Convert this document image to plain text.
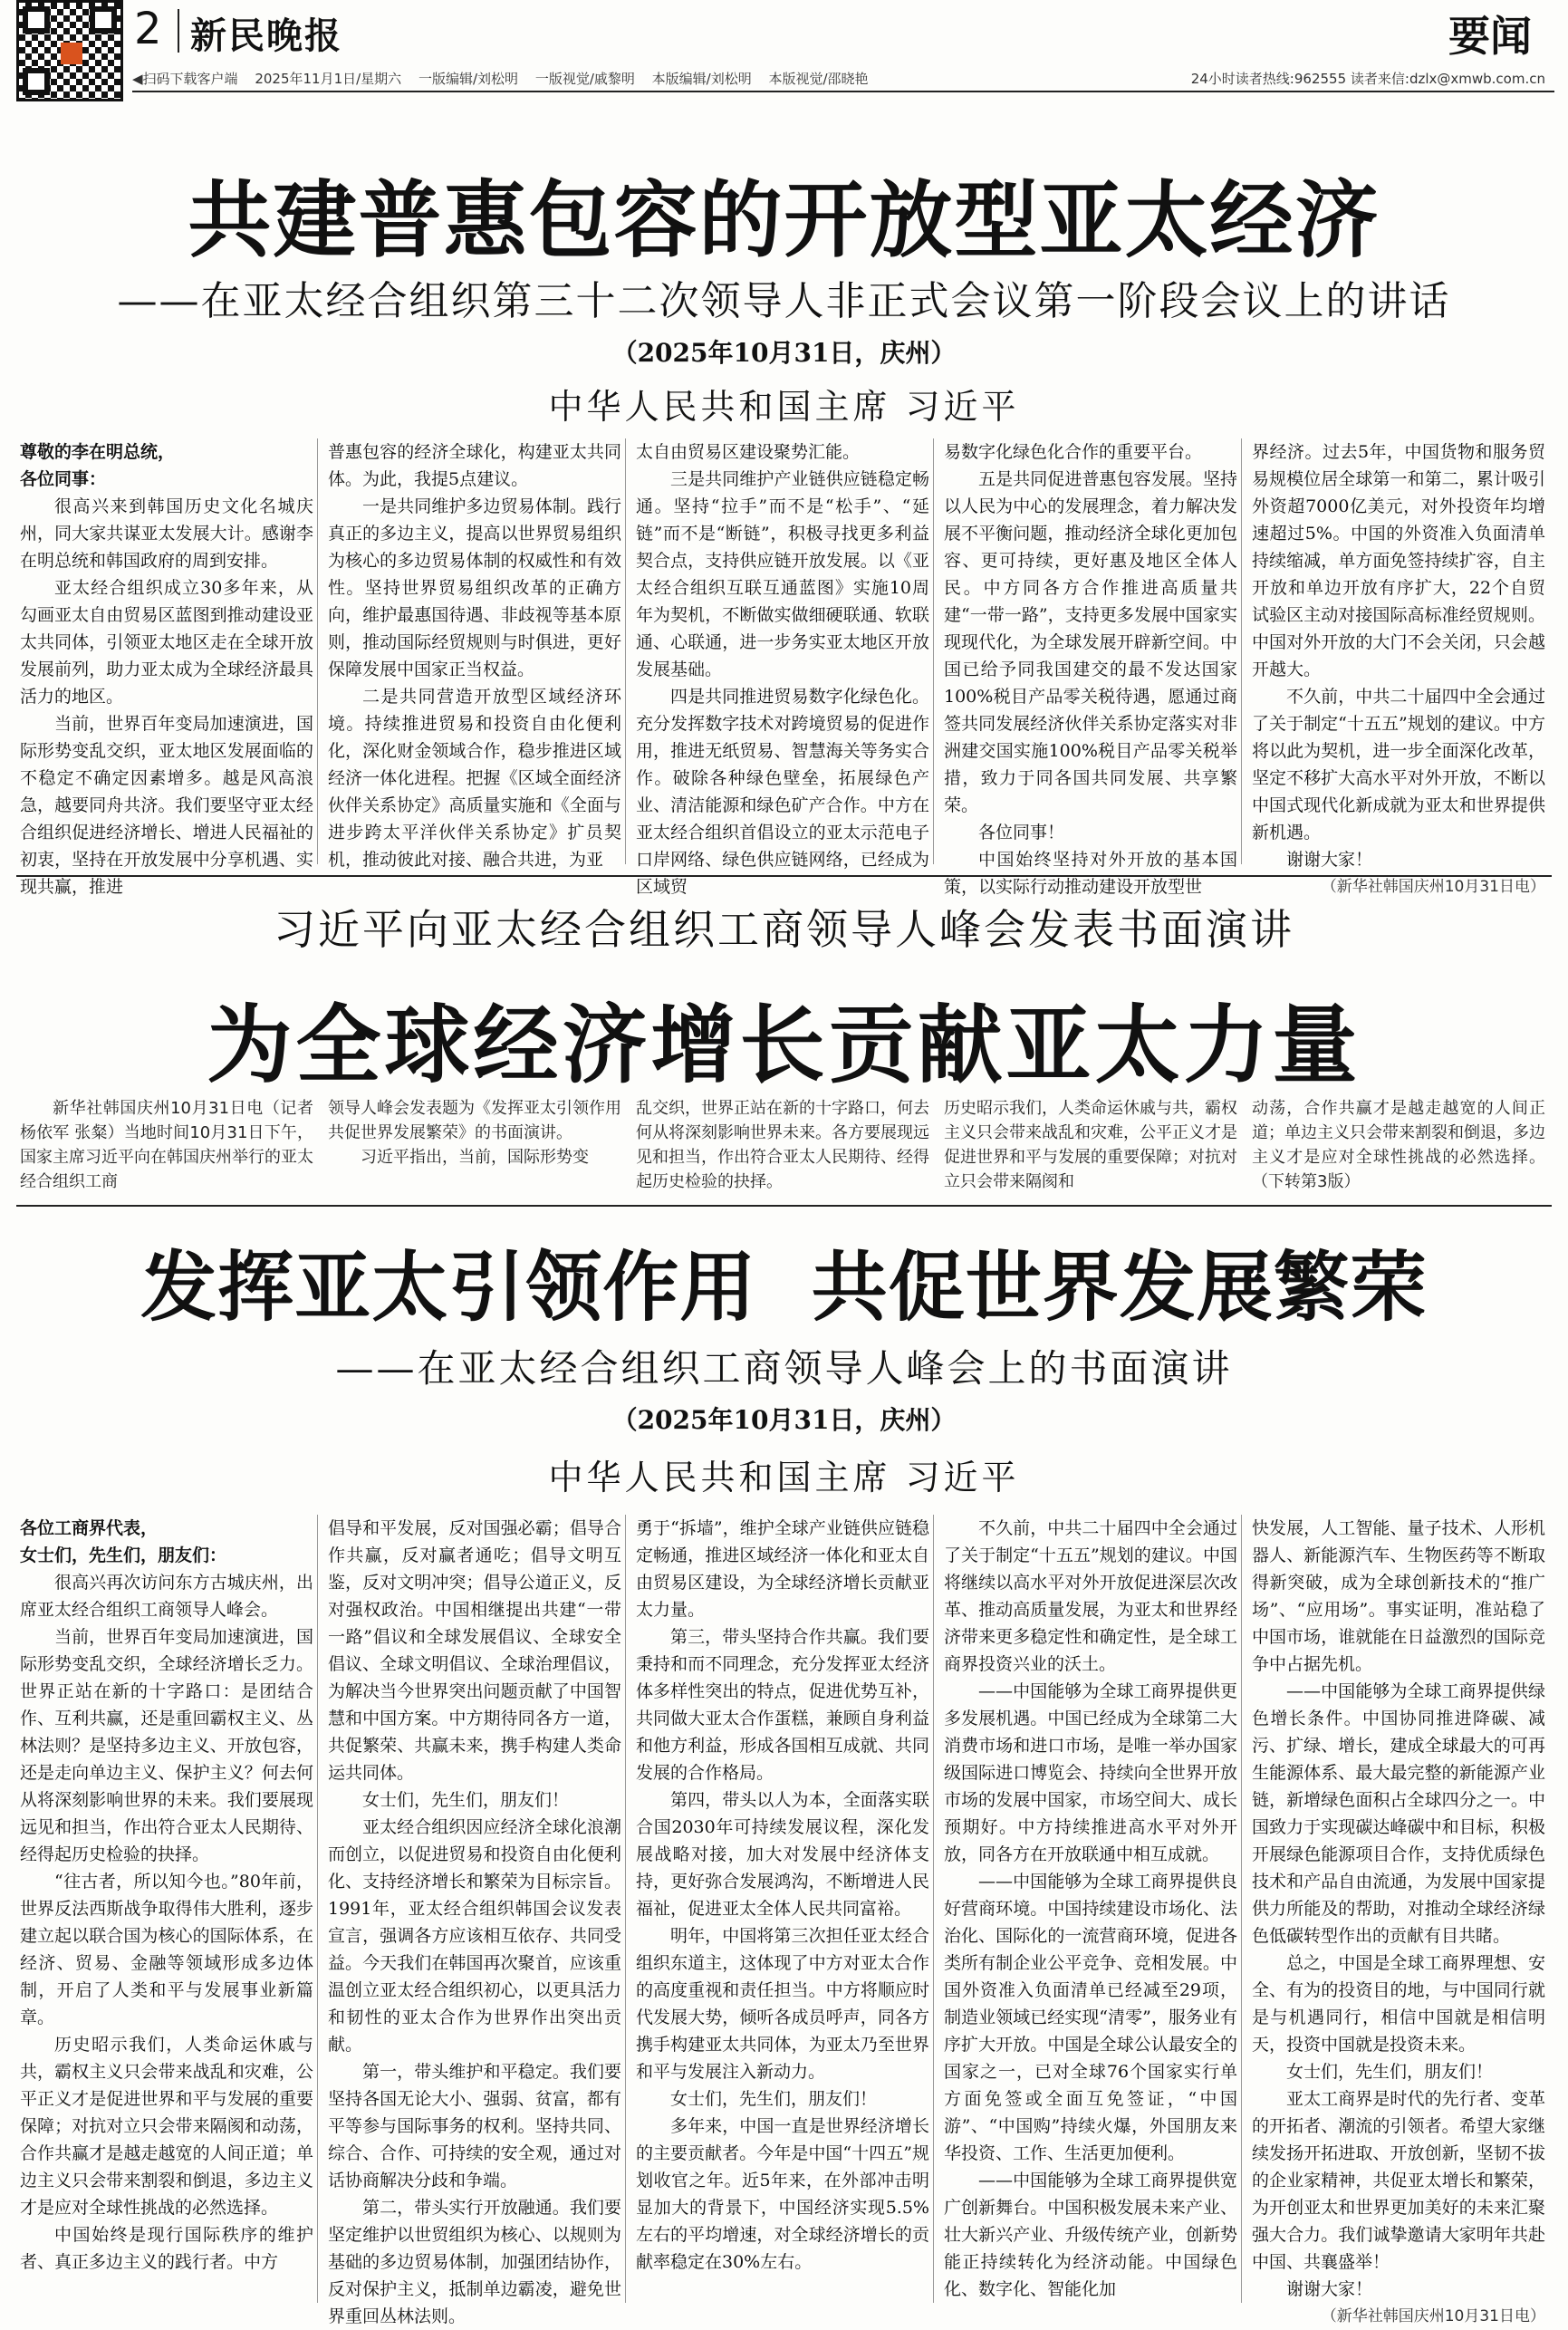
2 新民晚报	要闻
◀扫码下载客户端 2025年11月1日/星期六 一版编辑/刘松明 一版视觉/戚黎明 本版编辑/刘松明 本版视觉/邵晓艳	24小时读者热线:962555 读者来信:dzlx@xmwb.com.cn
共建普惠包容的开放型亚太经济
——在亚太经合组织第三十二次领导人非正式会议第一阶段会议上的讲话
（2025年10月31日，庆州）
中华人民共和国主席 习近平

尊敬的李在明总统，

各位同事：

很高兴来到韩国历史文化名城庆州，同大家共谋亚太发展大计。感谢李在明总统和韩国政府的周到安排。

亚太经合组织成立30多年来，从勾画亚太自由贸易区蓝图到推动建设亚太共同体，引领亚太地区走在全球开放发展前列，助力亚太成为全球经济最具活力的地区。

当前，世界百年变局加速演进，国际形势变乱交织，亚太地区发展面临的不稳定不确定因素增多。越是风高浪急，越要同舟共济。我们要坚守亚太经合组织促进经济增长、增进人民福祉的初衷，坚持在开放发展中分享机遇、实现共赢，推进

普惠包容的经济全球化，构建亚太共同体。为此，我提5点建议。

一是共同维护多边贸易体制。践行真正的多边主义，提高以世界贸易组织为核心的多边贸易体制的权威性和有效性。坚持世界贸易组织改革的正确方向，维护最惠国待遇、非歧视等基本原则，推动国际经贸规则与时俱进，更好保障发展中国家正当权益。

二是共同营造开放型区域经济环境。持续推进贸易和投资自由化便利化，深化财金领域合作，稳步推进区域经济一体化进程。把握《区域全面经济伙伴关系协定》高质量实施和《全面与进步跨太平洋伙伴关系协定》扩员契机，推动彼此对接、融合共进，为亚

太自由贸易区建设聚势汇能。

三是共同维护产业链供应链稳定畅通。坚持“拉手”而不是“松手”、“延链”而不是“断链”，积极寻找更多利益契合点，支持供应链开放发展。以《亚太经合组织互联互通蓝图》实施10周年为契机，不断做实做细硬联通、软联通、心联通，进一步务实亚太地区开放发展基础。

四是共同推进贸易数字化绿色化。充分发挥数字技术对跨境贸易的促进作用，推进无纸贸易、智慧海关等务实合作。破除各种绿色壁垒，拓展绿色产业、清洁能源和绿色矿产合作。中方在亚太经合组织首倡设立的亚太示范电子口岸网络、绿色供应链网络，已经成为区域贸

易数字化绿色化合作的重要平台。

五是共同促进普惠包容发展。坚持以人民为中心的发展理念，着力解决发展不平衡问题，推动经济全球化更加包容、更可持续，更好惠及地区全体人民。中方同各方合作推进高质量共建“一带一路”，支持更多发展中国家实现现代化，为全球发展开辟新空间。中国已给予同我国建交的最不发达国家100%税目产品零关税待遇，愿通过商签共同发展经济伙伴关系协定落实对非洲建交国实施100%税目产品零关税举措，致力于同各国共同发展、共享繁荣。

各位同事！

中国始终坚持对外开放的基本国策，以实际行动推动建设开放型世

界经济。过去5年，中国货物和服务贸易规模位居全球第一和第二，累计吸引外资超7000亿美元，对外投资年均增速超过5%。中国的外资准入负面清单持续缩减，单方面免签持续扩容，自主开放和单边开放有序扩大，22个自贸试验区主动对接国际高标准经贸规则。中国对外开放的大门不会关闭，只会越开越大。

不久前，中共二十届四中全会通过了关于制定“十五五”规划的建议。中方将以此为契机，进一步全面深化改革，坚定不移扩大高水平对外开放，不断以中国式现代化新成就为亚太和世界提供新机遇。

谢谢大家！

（新华社韩国庆州10月31日电）

习近平向亚太经合组织工商领导人峰会发表书面演讲
为全球经济增长贡献亚太力量

新华社韩国庆州10月31日电（记者 杨依军 张粲）当地时间10月31日下午，国家主席习近平向在韩国庆州举行的亚太经合组织工商

领导人峰会发表题为《发挥亚太引领作用 共促世界发展繁荣》的书面演讲。

习近平指出，当前，国际形势变

乱交织，世界正站在新的十字路口，何去何从将深刻影响世界未来。各方要展现远见和担当，作出符合亚太人民期待、经得起历史检验的抉择。

历史昭示我们，人类命运休戚与共，霸权主义只会带来战乱和灾难，公平正义才是促进世界和平与发展的重要保障；对抗对立只会带来隔阂和

动荡，合作共赢才是越走越宽的人间正道；单边主义只会带来割裂和倒退，多边主义才是应对全球性挑战的必然选择。（下转第3版）

发挥亚太引领作用  共促世界发展繁荣
——在亚太经合组织工商领导人峰会上的书面演讲
（2025年10月31日，庆州）
中华人民共和国主席 习近平

各位工商界代表，

女士们，先生们，朋友们：

很高兴再次访问东方古城庆州，出席亚太经合组织工商领导人峰会。

当前，世界百年变局加速演进，国际形势变乱交织，全球经济增长乏力。世界正站在新的十字路口：是团结合作、互利共赢，还是重回霸权主义、丛林法则？是坚持多边主义、开放包容，还是走向单边主义、保护主义？何去何从将深刻影响世界的未来。我们要展现远见和担当，作出符合亚太人民期待、经得起历史检验的抉择。

“往古者，所以知今也。”80年前，世界反法西斯战争取得伟大胜利，逐步建立起以联合国为核心的国际体系，在经济、贸易、金融等领域形成多边体制，开启了人类和平与发展事业新篇章。

历史昭示我们，人类命运休戚与共，霸权主义只会带来战乱和灾难，公平正义才是促进世界和平与发展的重要保障；对抗对立只会带来隔阂和动荡，合作共赢才是越走越宽的人间正道；单边主义只会带来割裂和倒退，多边主义才是应对全球性挑战的必然选择。

中国始终是现行国际秩序的维护者、真正多边主义的践行者。中方

倡导和平发展，反对国强必霸；倡导合作共赢，反对赢者通吃；倡导文明互鉴，反对文明冲突；倡导公道正义，反对强权政治。中国相继提出共建“一带一路”倡议和全球发展倡议、全球安全倡议、全球文明倡议、全球治理倡议，为解决当今世界突出问题贡献了中国智慧和中国方案。中方期待同各方一道，共促繁荣、共赢未来，携手构建人类命运共同体。

女士们，先生们，朋友们！

亚太经合组织因应经济全球化浪潮而创立，以促进贸易和投资自由化便利化、支持经济增长和繁荣为目标宗旨。1991年，亚太经合组织韩国会议发表宣言，强调各方应该相互依存、共同受益。今天我们在韩国再次聚首，应该重温创立亚太经合组织初心，以更具活力和韧性的亚太合作为世界作出突出贡献。

第一，带头维护和平稳定。我们要坚持各国无论大小、强弱、贫富，都有平等参与国际事务的权利。坚持共同、综合、合作、可持续的安全观，通过对话协商解决分歧和争端。

第二，带头实行开放融通。我们要坚定维护以世贸组织为核心、以规则为基础的多边贸易体制，加强团结协作，反对保护主义，抵制单边霸凌，避免世界重回丛林法则。

勇于“拆墙”，维护全球产业链供应链稳定畅通，推进区域经济一体化和亚太自由贸易区建设，为全球经济增长贡献亚太力量。

第三，带头坚持合作共赢。我们要秉持和而不同理念，充分发挥亚太经济体多样性突出的特点，促进优势互补，共同做大亚太合作蛋糕，兼顾自身利益和他方利益，形成各国相互成就、共同发展的合作格局。

第四，带头以人为本，全面落实联合国2030年可持续发展议程，深化发展战略对接，加大对发展中经济体支持，更好弥合发展鸿沟，不断增进人民福祉，促进亚太全体人民共同富裕。

明年，中国将第三次担任亚太经合组织东道主，这体现了中方对亚太合作的高度重视和责任担当。中方将顺应时代发展大势，倾听各成员呼声，同各方携手构建亚太共同体，为亚太乃至世界和平与发展注入新动力。

女士们，先生们，朋友们！

多年来，中国一直是世界经济增长的主要贡献者。今年是中国“十四五”规划收官之年。近5年来，在外部冲击明显加大的背景下，中国经济实现5.5%左右的平均增速，对全球经济增长的贡献率稳定在30%左右。

不久前，中共二十届四中全会通过了关于制定“十五五”规划的建议。中国将继续以高水平对外开放促进深层次改革、推动高质量发展，为亚太和世界经济带来更多稳定性和确定性，是全球工商界投资兴业的沃土。

——中国能够为全球工商界提供更多发展机遇。中国已经成为全球第二大消费市场和进口市场，是唯一举办国家级国际进口博览会、持续向全世界开放市场的发展中国家，市场空间大、成长预期好。中方持续推进高水平对外开放，同各方在开放联通中相互成就。

——中国能够为全球工商界提供良好营商环境。中国持续建设市场化、法治化、国际化的一流营商环境，促进各类所有制企业公平竞争、竞相发展。中国外资准入负面清单已经减至29项，制造业领域已经实现“清零”，服务业有序扩大开放。中国是全球公认最安全的国家之一，已对全球76个国家实行单方面免签或全面互免签证，“中国游”、“中国购”持续火爆，外国朋友来华投资、工作、生活更加便利。

——中国能够为全球工商界提供宽广创新舞台。中国积极发展未来产业、壮大新兴产业、升级传统产业，创新势能正持续转化为经济动能。中国绿色化、数字化、智能化加

快发展，人工智能、量子技术、人形机器人、新能源汽车、生物医药等不断取得新突破，成为全球创新技术的“推广场”、“应用场”。事实证明，准站稳了中国市场，谁就能在日益激烈的国际竞争中占据先机。

——中国能够为全球工商界提供绿色增长条件。中国协同推进降碳、减污、扩绿、增长，建成全球最大的可再生能源体系、最大最完整的新能源产业链，新增绿色面积占全球四分之一。中国致力于实现碳达峰碳中和目标，积极开展绿色能源项目合作，支持优质绿色技术和产品自由流通，为发展中国家提供力所能及的帮助，对推动全球经济绿色低碳转型作出的贡献有目共睹。

总之，中国是全球工商界理想、安全、有为的投资目的地，与中国同行就是与机遇同行，相信中国就是相信明天，投资中国就是投资未来。

女士们，先生们，朋友们！

亚太工商界是时代的先行者、变革的开拓者、潮流的引领者。希望大家继续发扬开拓进取、开放创新，坚韧不拔的企业家精神，共促亚太增长和繁荣，为开创亚太和世界更加美好的未来汇聚强大合力。我们诚挚邀请大家明年共赴中国、共襄盛举！

谢谢大家！

（新华社韩国庆州10月31日电）
